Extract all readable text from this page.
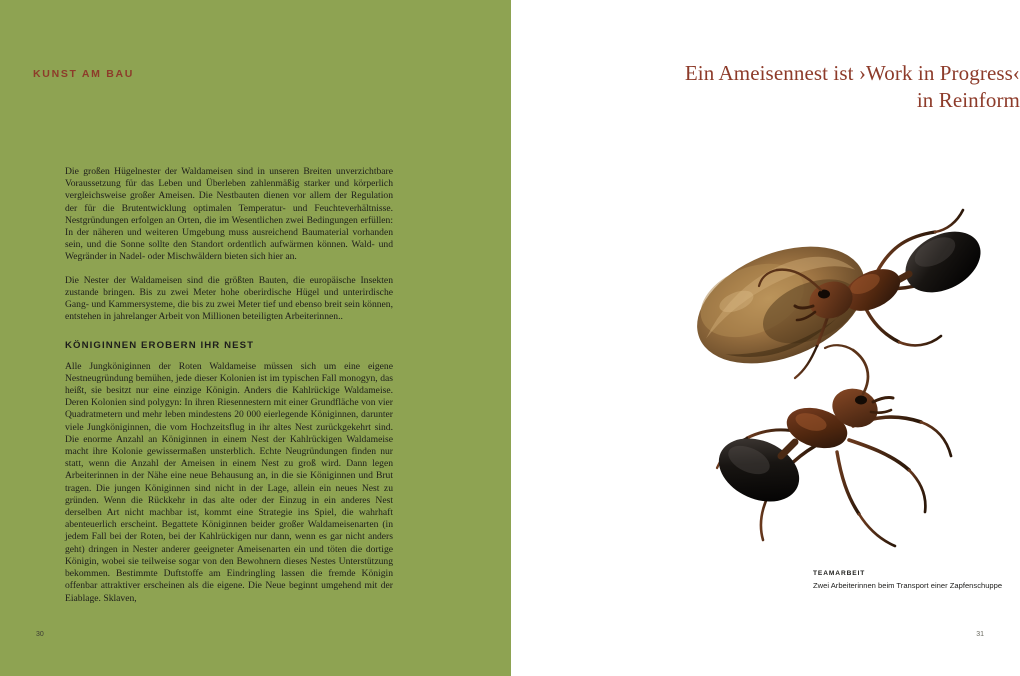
KUNST AM BAU

Die großen Hügelnester der Waldameisen sind in unseren Breiten unverzichtbare Voraussetzung für das Leben und Überleben zahlenmäßig starker und körperlich vergleichsweise großer Ameisen. Die Nestbauten dienen vor allem der Regulation der für die Brutentwicklung optimalen Temperatur- und Feuchteverhältnisse. Nestgründungen erfolgen an Orten, die im Wesentlichen zwei Bedingungen erfüllen: In der näheren und weiteren Umgebung muss ausreichend Baumaterial vorhanden sein, und die Sonne sollte den Standort ordentlich aufwärmen können. Wald- und Wegränder in Nadel- oder Mischwäldern bieten sich hier an.

Die Nester der Waldameisen sind die größten Bauten, die europäische Insekten zustande bringen. Bis zu zwei Meter hohe oberirdische Hügel und unterirdische Gang- und Kammersysteme, die bis zu zwei Meter tief und ebenso breit sein können, entstehen in jahrelanger Arbeit von Millionen beteiligten Arbeiterinnen..

KÖNIGINNEN EROBERN IHR NEST

Alle Jungköniginnen der Roten Waldameise müssen sich um eine eigene Nestneugründung bemühen, jede dieser Kolonien ist im typischen Fall monogyn, das heißt, sie besitzt nur eine einzige Königin. Anders die Kahlrückige Waldameise. Deren Kolonien sind polygyn: In ihren Riesennestern mit einer Grundfläche von vier Quadratmetern und mehr leben mindestens 20 000 eierlegende Königinnen, darunter viele Jungköniginnen, die vom Hochzeitsflug in ihr altes Nest zurückgekehrt sind. Die enorme Anzahl an Königinnen in einem Nest der Kahlrückigen Waldameise macht ihre Kolonie gewissermaßen unsterblich. Echte Neugründungen finden nur statt, wenn die Anzahl der Ameisen in einem Nest zu groß wird. Dann legen Arbeiterinnen in der Nähe eine neue Behausung an, in die sie Königinnen und Brut tragen. Die jungen Königinnen sind nicht in der Lage, allein ein neues Nest zu gründen. Wenn die Rückkehr in das alte oder der Einzug in ein anderes Nest derselben Art nicht machbar ist, kommt eine Strategie ins Spiel, die wahrhaft abenteuerlich erscheint. Begattete Königinnen beider großer Waldameisenarten (in jedem Fall bei der Roten, bei der Kahlrückigen nur dann, wenn es gar nicht anders geht) dringen in Nester anderer geeigneter Ameisenarten ein und töten die dortige Königin, wobei sie teilweise sogar von den Bewohnern dieses Nestes Unterstützung bekommen. Bestimmte Duftstoffe am Eindringling lassen die fremde Königin offenbar attraktiver erscheinen als die eigene. Die Neue beginnt umgehend mit der Eiablage. Sklaven,

30
Ein Ameisennest ist ›Work in Progress‹
in Reinform

TEAMARBEIT

Zwei Arbeiterinnen beim Transport einer Zapfenschuppe

31
